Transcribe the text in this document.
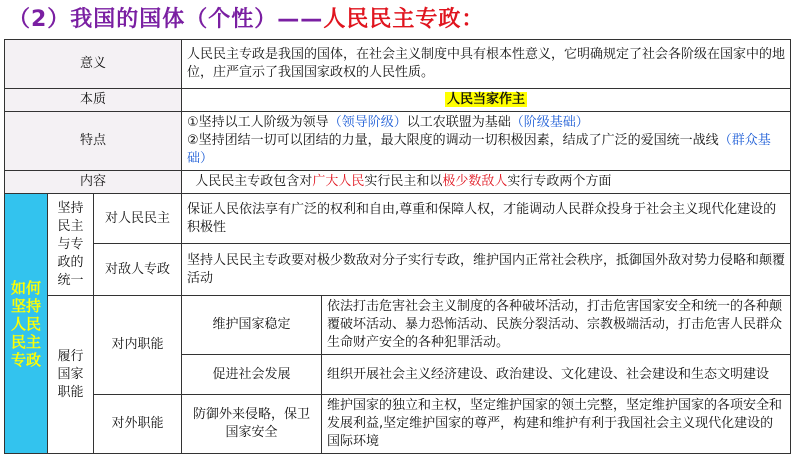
（2）我国的国体（个性）——人民民主专政：
意义			人民民主专政是我国的国体，在社会主义制度中具有根本性意义，它明确规定了社会各阶级在国家中的地位，庄严宣示了我国国家政权的人民性质。	
本质			人民当家作主	
特点			①坚持以工人阶级为领导（领导阶级）以工农联盟为基础（阶级基础）
②坚持团结一切可以团结的力量，最大限度的调动一切积极因素，结成了广泛的爱国统一战线（群众基础）	
内容			人民民主专政包含对广大人民实行民主和以极少数敌人实行专政两个方面	
如何坚持人民民主专政	坚持民主与专政的统一	对人民民主	保证人民依法享有广泛的权利和自由,尊重和保障人权，才能调动人民群众投身于社会主义现代化建设的积极性	
		对敌人专政	坚持人民民主专政要对极少数敌对分子实行专政，维护国内正常社会秩序，抵御国外敌对势力侵略和颠覆活动	
	履行国家职能	对内职能	维护国家稳定	依法打击危害社会主义制度的各种破坏活动，打击危害国家安全和统一的各种颠覆破坏活动、暴力恐怖活动、民族分裂活动、宗教极端活动，打击危害人民群众生命财产安全的各种犯罪活动。
			促进社会发展	组织开展社会主义经济建设、政治建设、文化建设、社会建设和生态文明建设
		对外职能	防御外来侵略，保卫国家安全	维护国家的独立和主权，坚定维护国家的领土完整，坚定维护国家的各项安全和发展利益,坚定维护国家的尊严，构建和维护有利于我国社会主义现代化建设的国际环境
